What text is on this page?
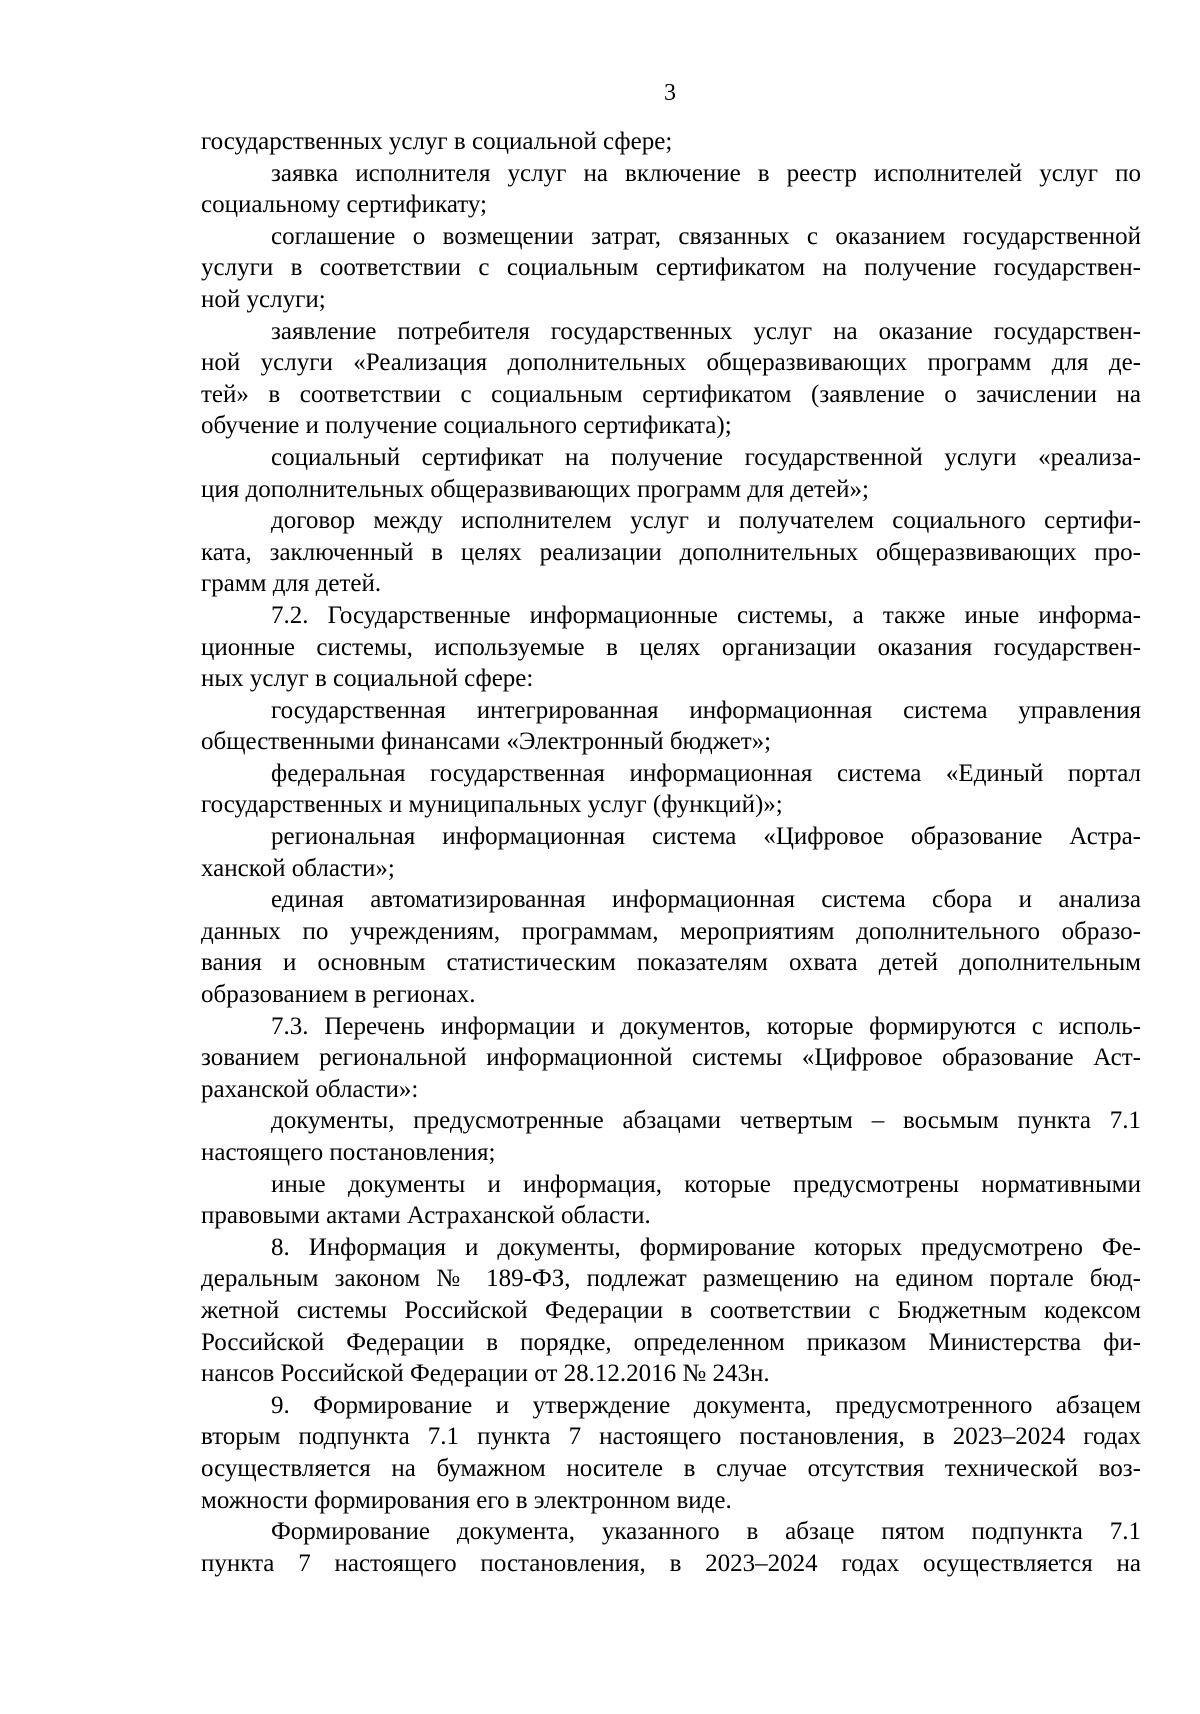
3
государственных услуг в социальной сфере;
заявка исполнителя услуг на включение в реестр исполнителей услуг по
социальному сертификату;
соглашение о возмещении затрат, связанных с оказанием государственной
услуги в соответствии с социальным сертификатом на получение государствен-
ной услуги;
заявление потребителя государственных услуг на оказание государствен-
ной услуги «Реализация дополнительных общеразвивающих программ для де-
тей» в соответствии с социальным сертификатом (заявление о зачислении на
обучение и получение социального сертификата);
социальный сертификат на получение государственной услуги «реализа-
ция дополнительных общеразвивающих программ для детей»;
договор между исполнителем услуг и получателем социального сертифи-
ката, заключенный в целях реализации дополнительных общеразвивающих про-
грамм для детей.
7.2. Государственные информационные системы, а также иные информа-
ционные системы, используемые в целях организации оказания государствен-
ных услуг в социальной сфере:
государственная интегрированная информационная система управления
общественными финансами «Электронный бюджет»;
федеральная государственная информационная система «Единый портал
государственных и муниципальных услуг (функций)»;
региональная информационная система «Цифровое образование Астра-
ханской области»;
единая автоматизированная информационная система сбора и анализа
данных по учреждениям, программам, мероприятиям дополнительного образо-
вания и основным статистическим показателям охвата детей дополнительным
образованием в регионах.
7.3. Перечень информации и документов, которые формируются с исполь-
зованием региональной информационной системы «Цифровое образование Аст-
раханской области»:
документы, предусмотренные абзацами четвертым – восьмым пункта 7.1
настоящего постановления;
иные документы и информация, которые предусмотрены нормативными
правовыми актами Астраханской области.
8. Информация и документы, формирование которых предусмотрено Фе-
деральным законом № 189-ФЗ, подлежат размещению на едином портале бюд-
жетной системы Российской Федерации в соответствии с Бюджетным кодексом
Российской Федерации в порядке, определенном приказом Министерства фи-
нансов Российской Федерации от 28.12.2016 № 243н.
9. Формирование и утверждение документа, предусмотренного абзацем
вторым подпункта 7.1 пункта 7 настоящего постановления, в 2023–2024 годах
осуществляется на бумажном носителе в случае отсутствия технической воз-
можности формирования его в электронном виде.
Формирование документа, указанного в абзаце пятом подпункта 7.1
пункта 7 настоящего постановления, в 2023–2024 годах осуществляется на
